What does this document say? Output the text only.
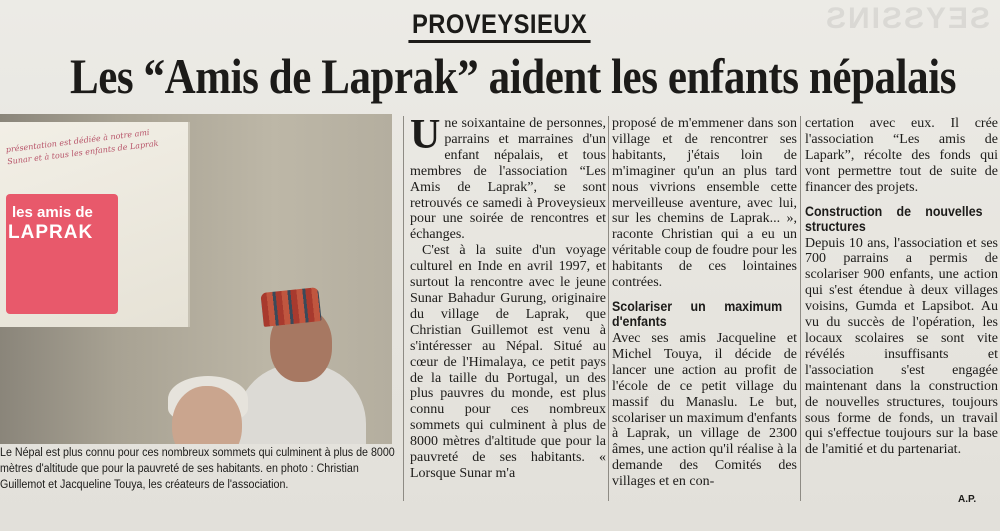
SEYSSINS
PROVEYSIEUX
Les “Amis de Laprak” aident les enfants népalais
présentation est dédiée à notre ami Sunar et à tous les enfants de Laprak
les amis de
LAPRAK
Le Népal est plus connu pour ces nombreux sommets qui culminent à plus de 8000 mètres d'altitude que pour la pauvreté de ses habitants. en photo : Christian Guillemot et Jacqueline Touya, les créateurs de l'association.

Une soixantaine de personnes, parrains et marraines d'un enfant népalais, et tous membres de l'association “Les Amis de Laprak”, se sont retrouvés ce samedi à Proveysieux pour une soirée de rencontres et échanges.

C'est à la suite d'un voyage culturel en Inde en avril 1997, et surtout la rencontre avec le jeune Sunar Bahadur Gurung, originaire du village de Laprak, que Christian Guillemot est venu à s'intéresser au Népal. Situé au cœur de l'Himalaya, ce petit pays de la taille du Portugal, un des plus pauvres du monde, est plus connu pour ces nombreux sommets qui culminent à plus de 8000 mètres d'altitude que pour la pauvreté de ses habitants. « Lorsque Sunar m'a

proposé de m'emmener dans son village et de rencontrer ses habitants, j'étais loin de m'imaginer qu'un an plus tard nous vivrions ensemble cette merveilleuse aventure, avec lui, sur les chemins de Laprak... », raconte Christian qui a eu un véritable coup de foudre pour les habitants de ces lointaines contrées.

Scolariser un maximum d'enfants

Avec ses amis Jacqueline et Michel Touya, il décide de lancer une action au profit de l'école de ce petit village du massif du Manaslu. Le but, scolariser un maximum d'enfants à Laprak, un village de 2300 âmes, une action qu'il réalise à la demande des Comités des villages et en con-

certation avec eux. Il crée l'association “Les amis de Lapark”, récolte des fonds qui vont permettre tout de suite de financer des projets.

Construction de nouvelles structures

Depuis 10 ans, l'association et ses 700 parrains a permis de scolariser 900 enfants, une action qui s'est étendue à deux villages voisins, Gumda et Lapsibot. Au vu du succès de l'opération, les locaux scolaires se sont vite révélés insuffisants et l'association s'est engagée maintenant dans la construction de nouvelles structures, toujours sous forme de fonds, un travail qui s'effectue toujours sur la base de l'amitié et du partenariat.

A.P.
